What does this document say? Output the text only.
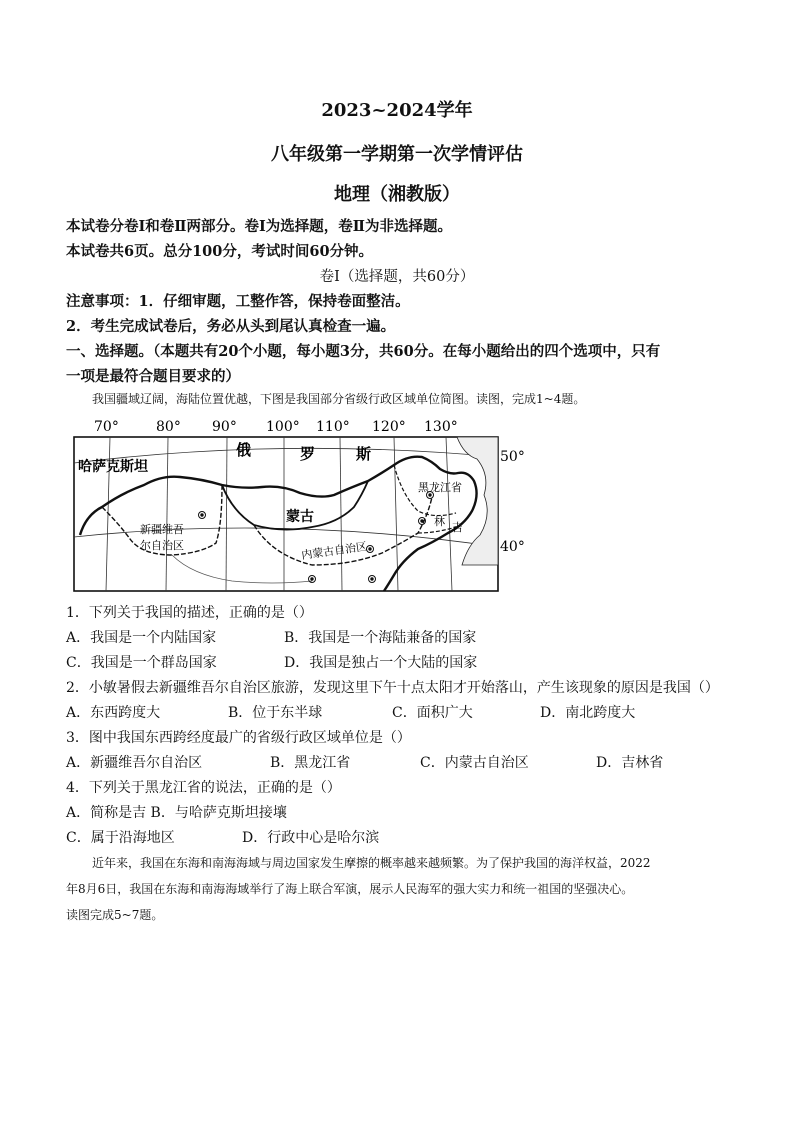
2023~2024学年
八年级第一学期第一次学情评估
地理（湘教版）
本试卷分卷Ⅰ和卷Ⅱ两部分。卷Ⅰ为选择题，卷Ⅱ为非选择题。
本试卷共6页。总分100分，考试时间60分钟。
卷Ⅰ（选择题，共60分）
注意事项：1．仔细审题，工整作答，保持卷面整洁。
2．考生完成试卷后，务必从头到尾认真检查一遍。
一、选择题。（本题共有20个小题，每小题3分，共60分。在每小题给出的四个选项中，只有
一项是最符合题目要求的）
我国疆域辽阔，海陆位置优越，下图是我国部分省级行政区域单位简图。读图，完成1~4题。
70°	80° 90° 100° 110° 120° 130°
50°
40°
哈萨克斯坦
俄	罗	斯
蒙古
黑龙江省
林 吉
新疆维吾
尔自治区	内蒙古自治区
1．下列关于我国的描述，正确的是（）
A．我国是一个内陆国家	B．我国是一个海陆兼备的国家
C．我国是一个群岛国家	D．我国是独占一个大陆的国家
2．小敏暑假去新疆维吾尔自治区旅游，发现这里下午十点太阳才开始落山，产生该现象的原因是我国（）
A．东西跨度大	B．位于东半球	C．面积广大	D．南北跨度大
3．图中我国东西跨经度最广的省级行政区域单位是（）
A．新疆维吾尔自治区	B．黑龙江省	C．内蒙古自治区	D．吉林省
4．下列关于黑龙江省的说法，正确的是（）
A．简称是吉 B．与哈萨克斯坦接壤
C．属于沿海地区	D．行政中心是哈尔滨
近年来，我国在东海和南海海域与周边国家发生摩擦的概率越来越频繁。为了保护我国的海洋权益，2022
年8月6日，我国在东海和南海海域举行了海上联合军演，展示人民海军的强大实力和统一祖国的坚强决心。
读图完成5~7题。
